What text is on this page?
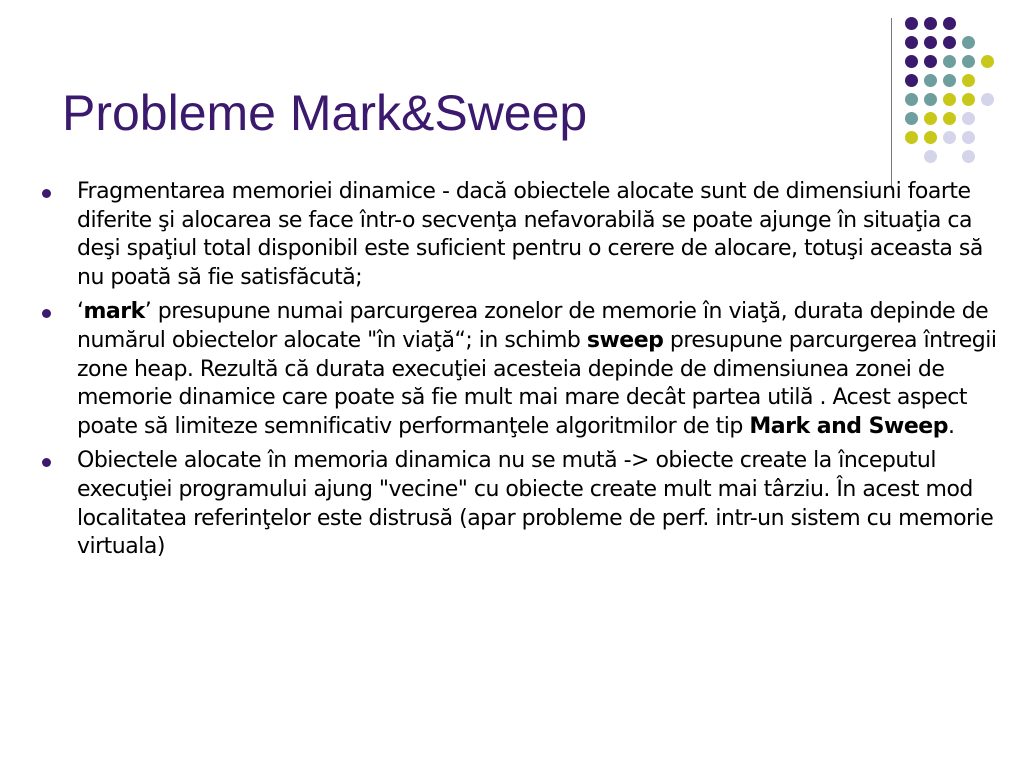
Probleme Mark&Sweep
Fragmentarea memoriei dinamice - dacă obiectele alocate sunt de dimensiuni foarte diferite şi alocarea se face într-o secvenţa nefavorabilă se poate ajunge în situaţia ca deşi spaţiul total disponibil este suficient pentru o cerere de alocare, totuşi aceasta să nu poată să fie satisfăcută;
‘mark’ presupune numai parcurgerea zonelor de memorie în viaţă, durata depinde de numărul obiectelor alocate "în viaţă“; in schimb sweep presupune parcurgerea întregii zone heap. Rezultă că durata execuţiei acesteia depinde de dimensiunea zonei de memorie dinamice care poate să fie mult mai mare decât partea utilă . Acest aspect poate să limiteze semnificativ performanţele algoritmilor de tip Mark and Sweep.
Obiectele alocate în memoria dinamica nu se mută -> obiecte create la începutul execuţiei programului ajung "vecine" cu obiecte create mult mai târziu. În acest mod localitatea referinţelor este distrusă (apar probleme de perf. intr-un sistem cu memorie virtuala)
